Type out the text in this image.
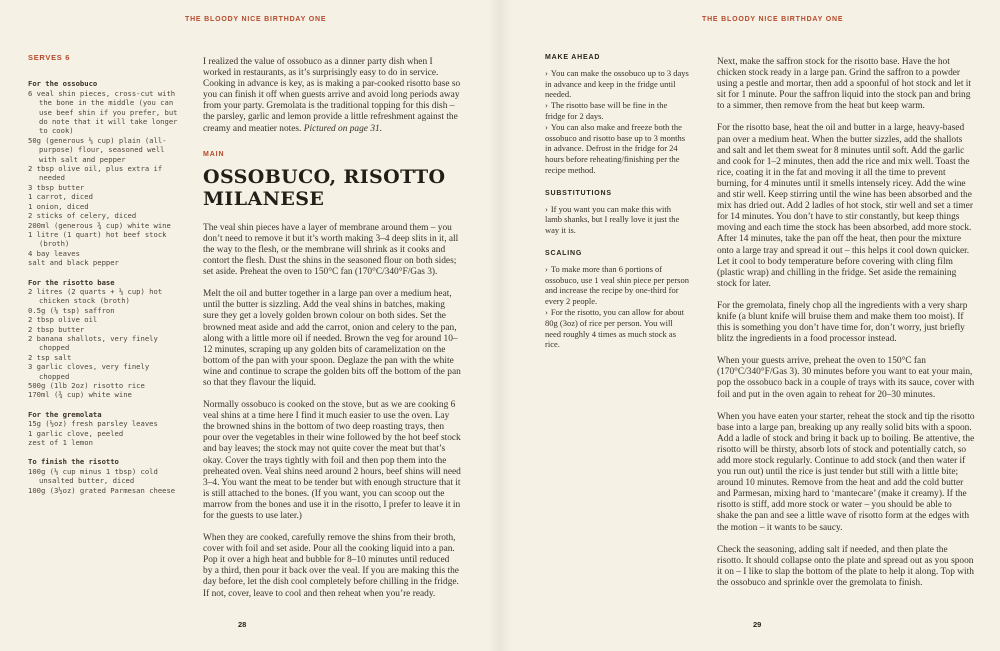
THE BLOODY NICE BIRTHDAY ONE	THE BLOODY NICE BIRTHDAY ONE
SERVES 6
For the ossobuco
6 veal shin pieces, cross-cut with the bone in the middle (you can use beef shin if you prefer, but do note that it will take longer to cook)
50g (generous ⅓ cup) plain (all-purpose) flour, seasoned well with salt and pepper
2 tbsp olive oil, plus extra if needed
3 tbsp butter
1 carrot, diced
1 onion, diced
2 sticks of celery, diced
200ml (generous ¾ cup) white wine
1 litre (1 quart) hot beef stock (broth)
4 bay leaves
salt and black pepper
For the risotto base
2 litres (2 quarts + ⅓ cup) hot chicken stock (broth)
0.5g (⅛ tsp) saffron
2 tbsp olive oil
2 tbsp butter
2 banana shallots, very finely chopped
2 tsp salt
3 garlic cloves, very finely chopped
500g (1lb 2oz) risotto rice
170ml (¾ cup) white wine
For the gremolata
15g (½oz) fresh parsley leaves
1 garlic clove, peeled
zest of 1 lemon
To finish the risotto
100g (⅓ cup minus 1 tbsp) cold unsalted butter, diced
100g (3½oz) grated Parmesan cheese

I realized the value of ossobuco as a dinner party dish when I worked in restaurants, as it’s surprisingly easy to do in service. Cooking in advance is key, as is making a par-cooked risotto base so you can finish it off when guests arrive and avoid long periods away from your party. Gremolata is the traditional topping for this dish – the parsley, garlic and lemon provide a little refreshment against the creamy and meatier notes. Pictured on page 31.

MAIN
OSSOBUCO, RISOTTO
MILANESE

The veal shin pieces have a layer of membrane around them – you don’t need to remove it but it’s worth making 3–4 deep slits in it, all the way to the flesh, or the membrane will shrink as it cooks and contort the flesh. Dust the shins in the seasoned flour on both sides; set aside. Preheat the oven to 150°C fan (170°C/340°F/Gas 3).

Melt the oil and butter together in a large pan over a medium heat, until the butter is sizzling. Add the veal shins in batches, making sure they get a lovely golden brown colour on both sides. Set the browned meat aside and add the carrot, onion and celery to the pan, along with a little more oil if needed. Brown the veg for around 10–12 minutes, scraping up any golden bits of caramelization on the bottom of the pan with your spoon. Deglaze the pan with the white wine and continue to scrape the golden bits off the bottom of the pan so that they flavour the liquid.

Normally ossobuco is cooked on the stove, but as we are cooking 6 veal shins at a time here I find it much easier to use the oven. Lay the browned shins in the bottom of two deep roasting trays, then pour over the vegetables in their wine followed by the hot beef stock and bay leaves; the stock may not quite cover the meat but that’s okay. Cover the trays tightly with foil and then pop them into the preheated oven. Veal shins need around 2 hours, beef shins will need 3–4. You want the meat to be tender but with enough structure that it is still attached to the bones. (If you want, you can scoop out the marrow from the bones and use it in the risotto, I prefer to leave it in for the guests to use later.)

When they are cooked, carefully remove the shins from their broth, cover with foil and set aside. Pour all the cooking liquid into a pan. Pop it over a high heat and bubble for 8–10 minutes until reduced by a third, then pour it back over the veal. If you are making this the day before, let the dish cool completely before chilling in the fridge. If not, cover, leave to cool and then reheat when you’re ready.

MAKE AHEAD
› You can make the ossobuco up to 3 days in advance and keep in the fridge until needed.
› The risotto base will be fine in the fridge for 2 days.
› You can also make and freeze both the ossobuco and risotto base up to 3 months in advance. Defrost in the fridge for 24 hours before reheating/finishing per the recipe method.
SUBSTITUTIONS
› If you want you can make this with lamb shanks, but I really love it just the way it is.
SCALING
› To make more than 6 portions of ossobuco, use 1 veal shin piece per person and increase the recipe by one-third for every 2 people.
› For the risotto, you can allow for about 80g (3oz) of rice per person. You will need roughly 4 times as much stock as rice.

Next, make the saffron stock for the risotto base. Have the hot chicken stock ready in a large pan. Grind the saffron to a powder using a pestle and mortar, then add a spoonful of hot stock and let it sit for 1 minute. Pour the saffron liquid into the stock pan and bring to a simmer, then remove from the heat but keep warm.

For the risotto base, heat the oil and butter in a large, heavy-based pan over a medium heat. When the butter sizzles, add the shallots and salt and let them sweat for 8 minutes until soft. Add the garlic and cook for 1–2 minutes, then add the rice and mix well. Toast the rice, coating it in the fat and moving it all the time to prevent burning, for 4 minutes until it smells intensely ricey. Add the wine and stir well. Keep stirring until the wine has been absorbed and the mix has dried out. Add 2 ladles of hot stock, stir well and set a timer for 14 minutes. You don’t have to stir constantly, but keep things moving and each time the stock has been absorbed, add more stock. After 14 minutes, take the pan off the heat, then pour the mixture onto a large tray and spread it out – this helps it cool down quicker. Let it cool to body temperature before covering with cling film (plastic wrap) and chilling in the fridge. Set aside the remaining stock for later.

For the gremolata, finely chop all the ingredients with a very sharp knife (a blunt knife will bruise them and make them too moist). If this is something you don’t have time for, don’t worry, just briefly blitz the ingredients in a food processor instead.

When your guests arrive, preheat the oven to 150°C fan (170°C/340°F/Gas 3). 30 minutes before you want to eat your main, pop the ossobuco back in a couple of trays with its sauce, cover with foil and put in the oven again to reheat for 20–30 minutes.

When you have eaten your starter, reheat the stock and tip the risotto base into a large pan, breaking up any really solid bits with a spoon. Add a ladle of stock and bring it back up to boiling. Be attentive, the risotto will be thirsty, absorb lots of stock and potentially catch, so add more stock regularly. Continue to add stock (and then water if you run out) until the rice is just tender but still with a little bite; around 10 minutes. Remove from the heat and add the cold butter and Parmesan, mixing hard to ‘mantecare’ (make it creamy). If the risotto is stiff, add more stock or water – you should be able to shake the pan and see a little wave of risotto form at the edges with the motion – it wants to be saucy.

Check the seasoning, adding salt if needed, and then plate the risotto. It should collapse onto the plate and spread out as you spoon it on – I like to slap the bottom of the plate to help it along. Top with the ossobuco and sprinkle over the gremolata to finish.

28	29
